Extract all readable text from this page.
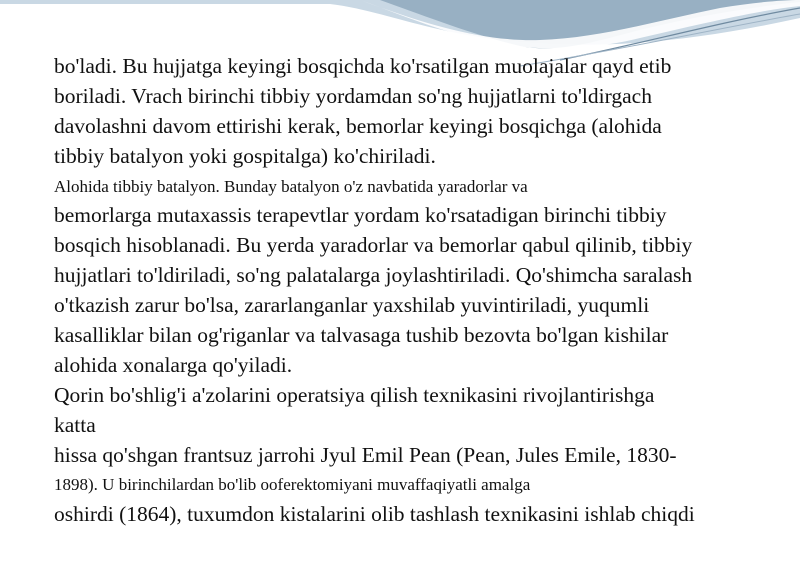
bo'ladi. Bu hujjatga keyingi bosqichda ko'rsatilgan muolajalar qayd etib

boriladi. Vrach birinchi tibbiy yordamdan so'ng hujjatlarni to'ldirgach

davolashni davom ettirishi kerak, bemorlar keyingi bosqichga (alohida

tibbiy batalyon yoki gospitalga) ko'chiriladi.

Alohida tibbiy batalyon. Bunday batalyon o'z navbatida yaradorlar va

bemorlarga mutaxassis terapevtlar yordam ko'rsatadigan birinchi tibbiy

bosqich hisoblanadi. Bu yerda yaradorlar va bemorlar qabul qilinib, tibbiy

hujjatlari to'ldiriladi, so'ng palatalarga joylashtiriladi. Qo'shimcha saralash

o'tkazish zarur bo'lsa, zararlanganlar yaxshilab yuvintiriladi, yuqumli

kasalliklar bilan og'riganlar va talvasaga tushib bezovta bo'lgan kishilar

alohida xonalarga qo'yiladi.

Qorin bo'shlig'i a'zolarini operatsiya qilish texnikasini rivojlantirishga

katta

hissa qo'shgan frantsuz jarrohi Jyul Emil Pean (Pean, Jules Emile, 1830-

1898). U birinchilardan bo'lib ooferektomiyani muvaffaqiyatli amalga

oshirdi (1864), tuxumdon kistalarini olib tashlash texnikasini ishlab chiqdi
